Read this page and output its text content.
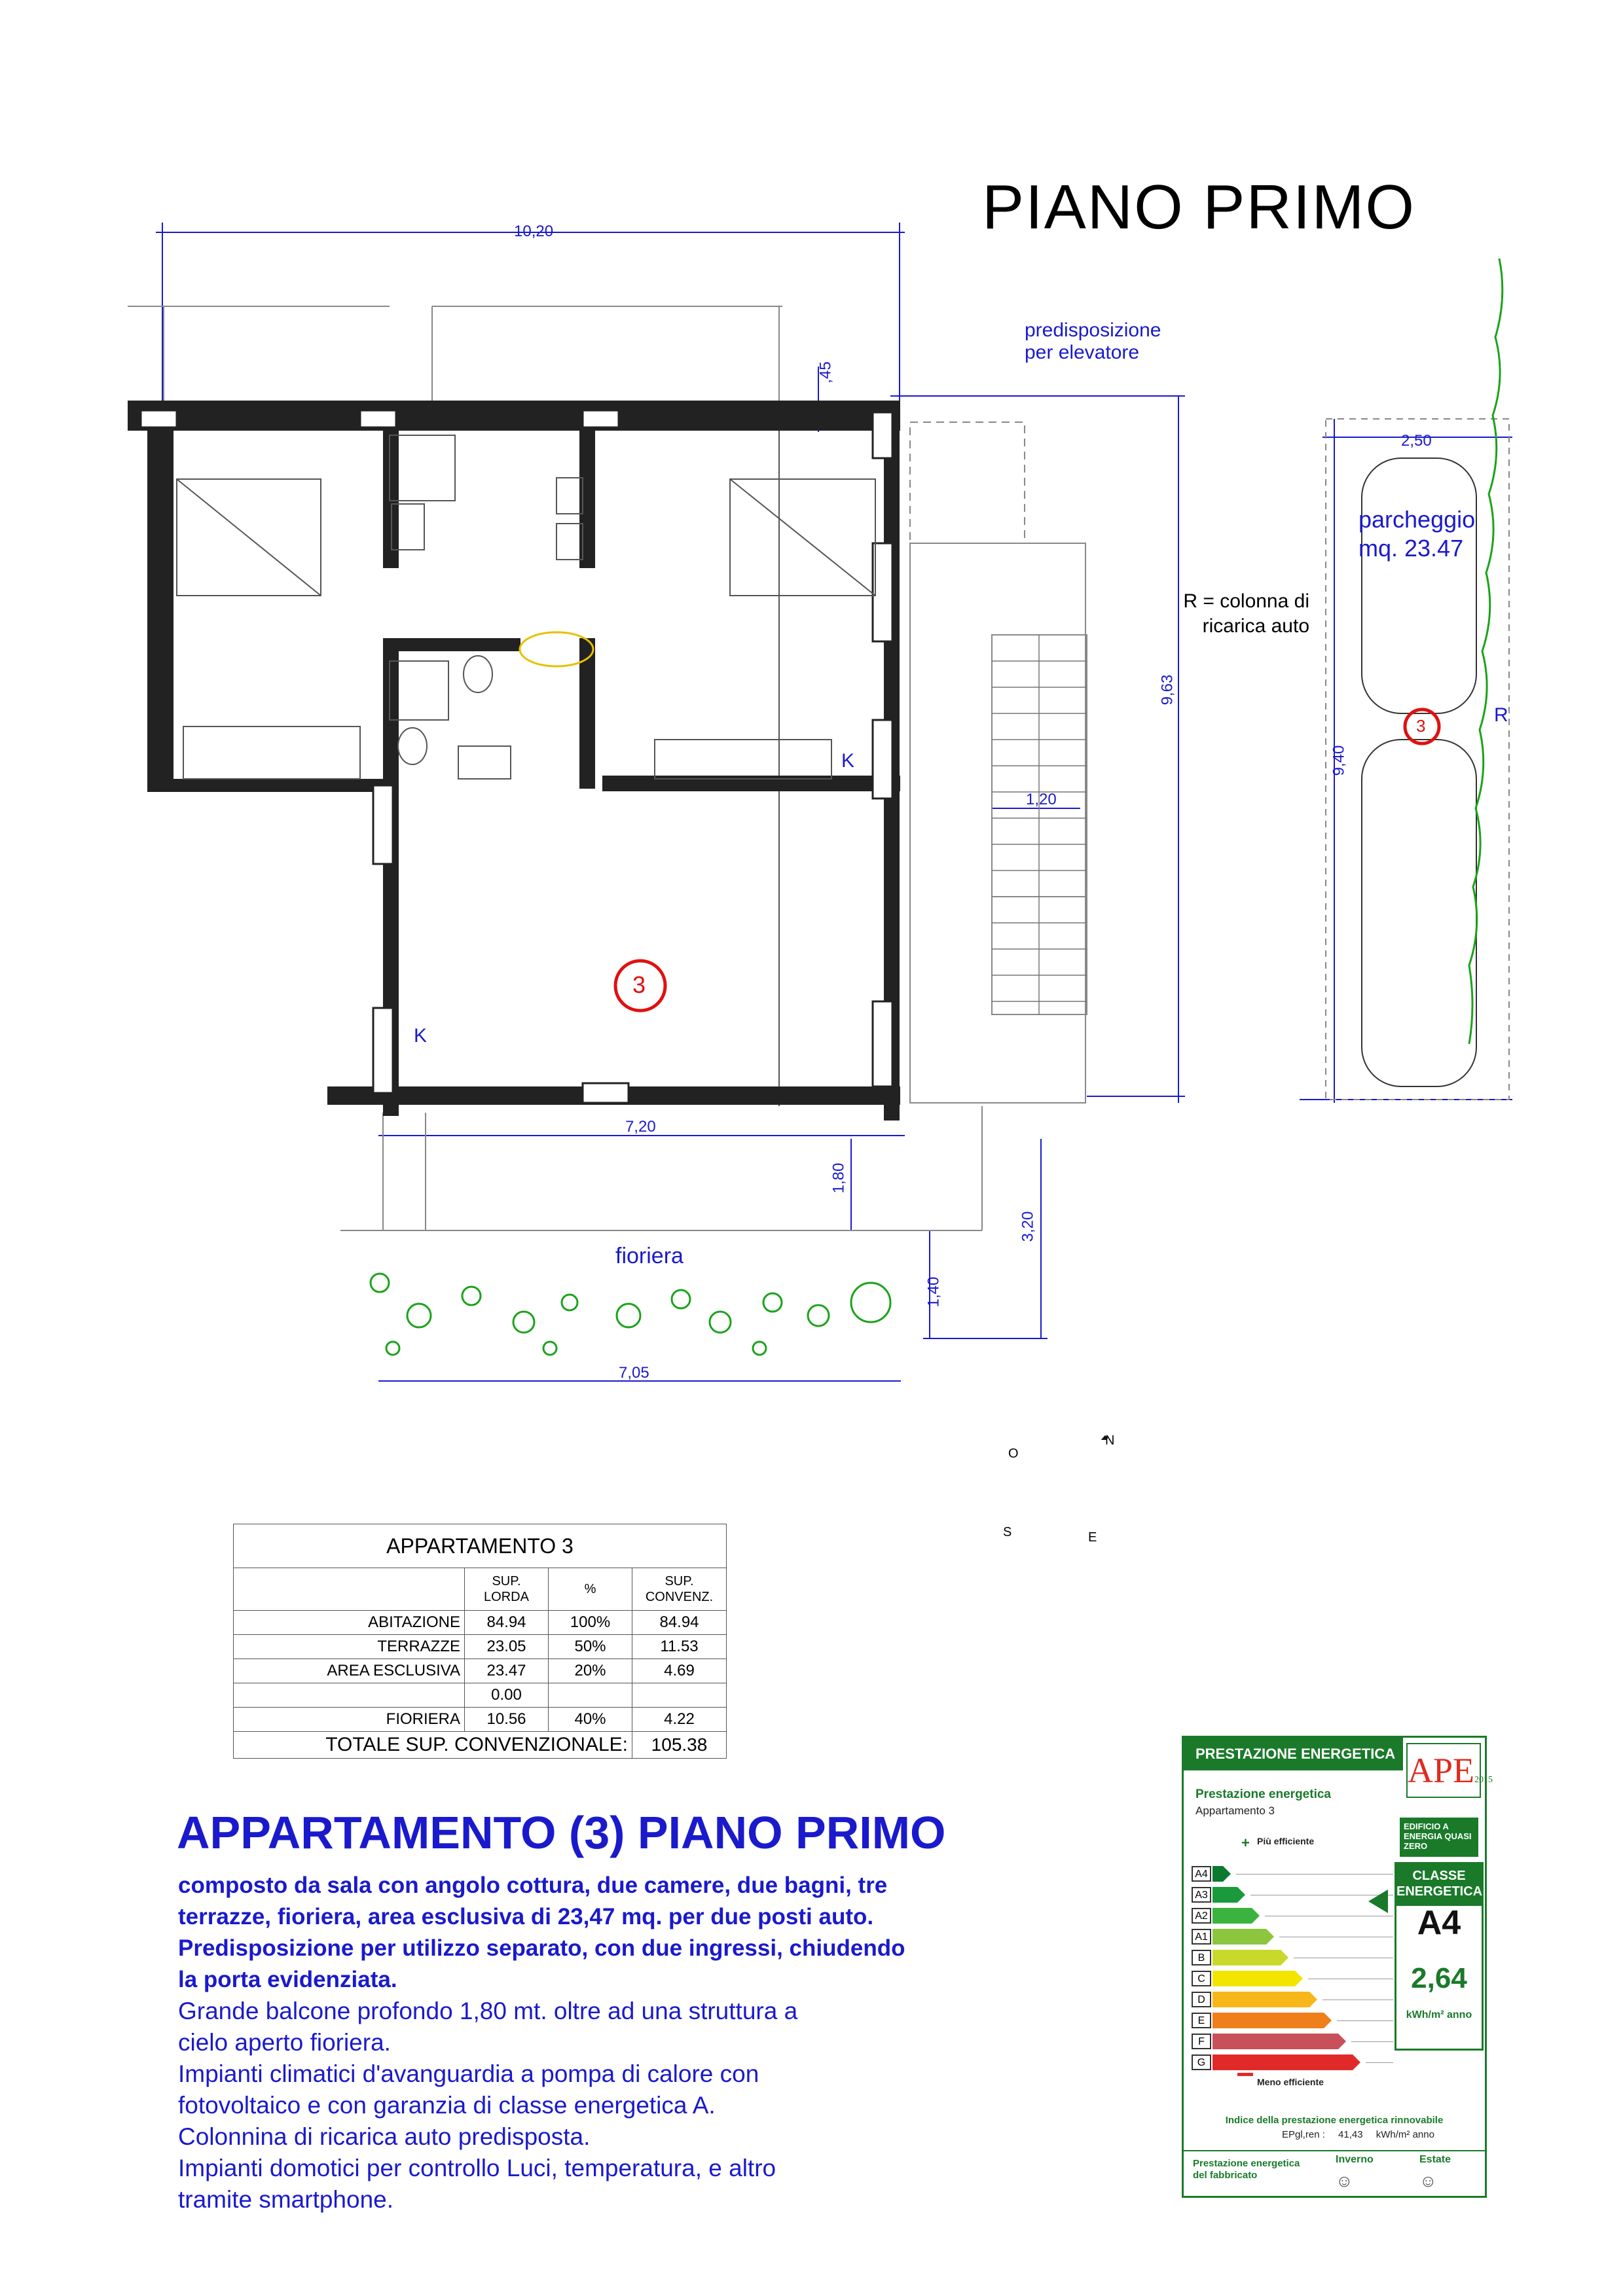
PIANO PRIMO
predisposizione
per elevatore
parcheggio
mq. 23.47
R = colonna di
ricarica auto
fioriera
3
3
K
K
R
10,20
,45
9,63
1,20
7,20
1,80
3,20
1,40
7,05
2,50
9,40
N
E
S
O
APPARTAMENTO 3			
	SUP. LORDA	%	SUP. CONVENZ.
ABITAZIONE	84.94	100%	84.94
TERRAZZE	23.05	50%	11.53
AREA ESCLUSIVA	23.47	20%	4.69
	0.00		
FIORIERA	10.56	40%	4.22
TOTALE SUP. CONVENZIONALE:			105.38
APPARTAMENTO (3) PIANO PRIMO
composto da sala con angolo cottura, due camere, due bagni, tre
terrazze, fioriera, area esclusiva di 23,47 mq. per due posti auto.
Predisposizione per utilizzo separato, con due ingressi, chiudendo
la porta evidenziata.
Grande balcone profondo 1,80 mt. oltre ad una struttura a
cielo aperto fioriera.
Impianti climatici d'avanguardia a pompa di calore con
fotovoltaico e con garanzia di classe energetica A.
Colonnina di ricarica auto predisposta.
Impianti domotici per controllo Luci, temperatura, e altro
tramite smartphone.
PRESTAZIONE ENERGETICA APE2015
Prestazione energetica
Appartamento 3
EDIFICIO A ENERGIA QUASI ZERO
+ Più efficiente
A4
A3
A2
A1
B
C
D
E
F
G
Meno efficiente
CLASSE ENERGETICA
A4
2,64
kWh/m² anno
Indice della prestazione energetica rinnovabile
EPgl,ren : 41,43 kWh/m² anno
Prestazione energetica
del fabbricato
Inverno	Estate
☺	☺
